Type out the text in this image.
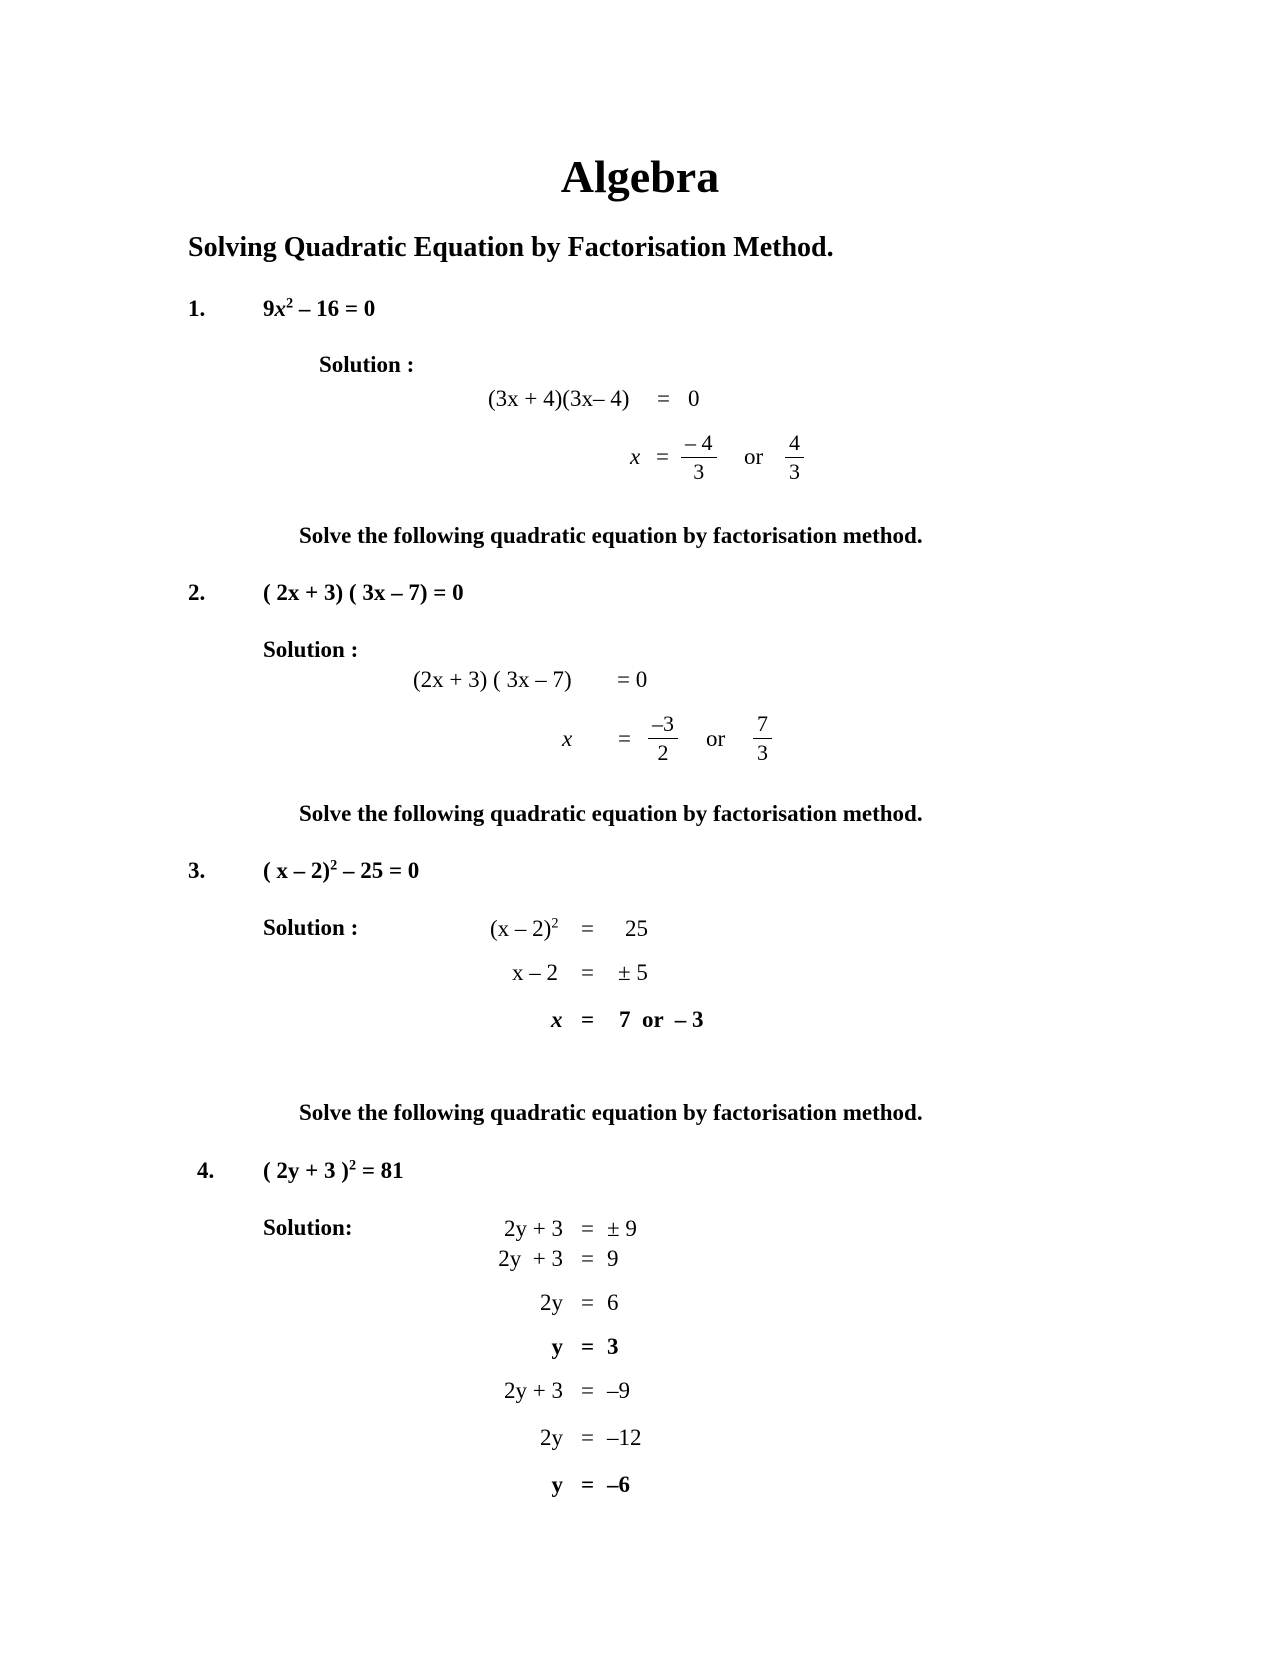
Algebra
Solving Quadratic Equation by Factorisation Method.
1.	$9x^2 - 16 = 0$
Solution :
(3x + 4)(3x– 4) = 0
$x = \frac{- 4}{3}$ or $\frac{4}{3}$
Solve the following quadratic equation by factorisation method.
2.	( 2x + 3) ( 3x – 7) = 0
Solution :
(2x + 3) ( 3x – 7) = 0
$x = \frac{-3}{2}$ or $\frac{7}{3}$
Solve the following quadratic equation by factorisation method.
3.	( x – 2)$^2$ – 25 = 0
Solution :	(x – 2)$^2$ = 25
x – 2 = ± 5
x = 7  or  – 3
Solve the following quadratic equation by factorisation method.
4. ( 2y + 3 )$^2$ = 81
Solution:	2y + 3 = ± 9
2y  + 3 = 9
2y = 6
y = 3
2y + 3 = –9
2y = –12
y = –6
